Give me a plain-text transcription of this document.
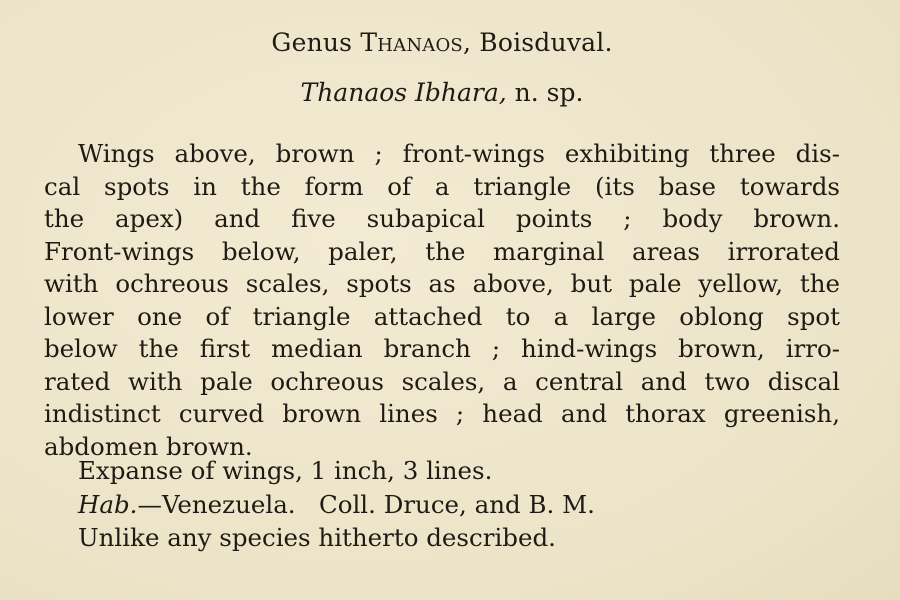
Genus Thanaos, Boisduval.
Thanaos Ibhara, n. sp.
Wings above, brown ; front-wings exhibiting three dis-
cal spots in the form of a triangle (its base towards
the apex) and five subapical points ; body brown.
Front-wings below, paler, the marginal areas irrorated
with ochreous scales, spots as above, but pale yellow, the
lower one of triangle attached to a large oblong spot
below the first median branch ; hind-wings brown, irro-
rated with pale ochreous scales, a central and two discal
indistinct curved brown lines ; head and thorax greenish,
abdomen brown.
Expanse of wings, 1 inch, 3 lines.
Hab.—Venezuela.   Coll. Druce, and B. M.
Unlike any species hitherto described.
